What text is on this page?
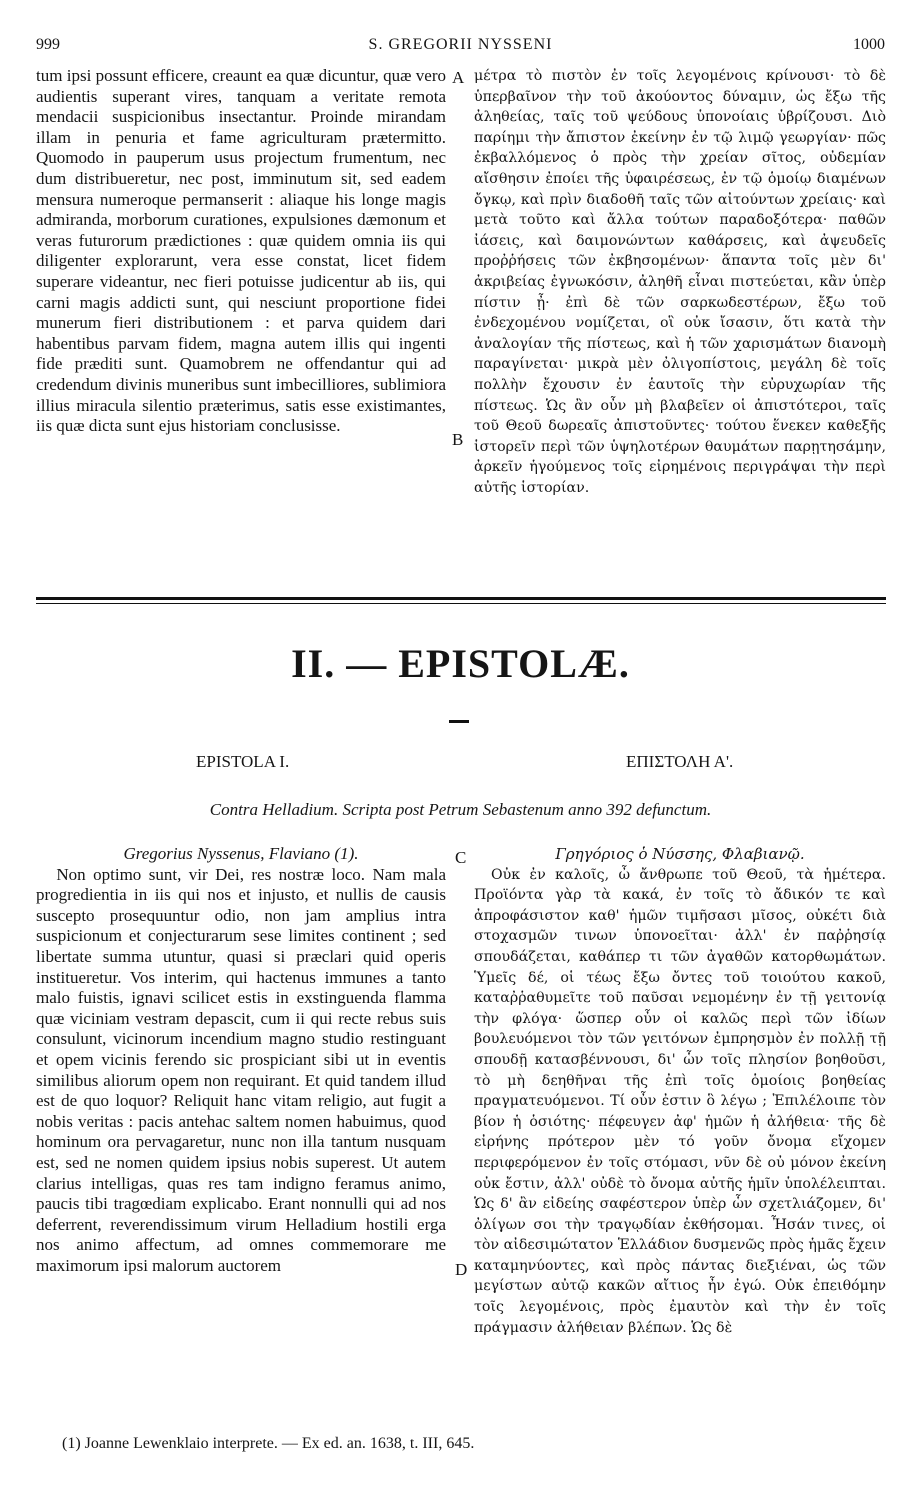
999	S. GREGORII NYSSENI	1000

tum ipsi possunt efficere, creaunt ea quæ dicuntur, quæ vero audientis superant vires, tanquam a veritate remota mendacii suspicionibus insectantur. Proinde mirandam illam in penuria et fame agriculturam prætermitto. Quomodo in pauperum usus projectum frumentum, nec dum distribueretur, nec post, imminutum sit, sed eadem mensura numeroque permanserit : aliaque his longe magis admiranda, morborum curationes, expulsiones dæmonum et veras futurorum prædictiones : quæ quidem omnia iis qui diligenter explorarunt, vera esse constat, licet fidem superare videantur, nec fieri potuisse judicentur ab iis, qui carni magis addicti sunt, qui nesciunt proportione fidei munerum fieri distributionem : et parva quidem dari habentibus parvam fidem, magna autem illis qui ingenti fide præditi sunt. Quamobrem ne offendantur qui ad credendum divinis muneribus sunt imbecilliores, sublimiora illius miracula silentio præterimus, satis esse existimantes, iis quæ dicta sunt ejus historiam conclusisse.

A
B

μέτρα τὸ πιστὸν ἐν τοῖς λεγομένοις κρίνουσι· τὸ δὲ ὑπερβαῖνον τὴν τοῦ ἀκούοντος δύναμιν, ὡς ἔξω τῆς ἀληθείας, ταῖς τοῦ ψεύδους ὑπονοίαις ὑβρίζουσι. Διὸ παρίημι τὴν ἄπιστον ἐκείνην ἐν τῷ λιμῷ γεωργίαν· πῶς ἐκβαλλόμενος ὁ πρὸς τὴν χρείαν σῖτος, οὐδεμίαν αἴσθησιν ἐποίει τῆς ὑφαιρέσεως, ἐν τῷ ὁμοίῳ διαμένων ὄγκῳ, καὶ πρὶν διαδοθῆ ταῖς τῶν αἰτούντων χρείαις· καὶ μετὰ τοῦτο καὶ ἄλλα τούτων παραδοξότερα· παθῶν ἰάσεις, καὶ δαιμονώντων καθάρσεις, καὶ ἀψευδεῖς προῤῥήσεις τῶν ἐκβησομένων· ἅπαντα τοῖς μὲν δι' ἀκριβείας ἐγνωκόσιν, ἀληθῆ εἶναι πιστεύεται, κἂν ὑπὲρ πίστιν ᾖ· ἐπὶ δὲ τῶν σαρκωδεστέρων, ἔξω τοῦ ἐνδεχομένου νομίζεται, οἳ οὐκ ἴσασιν, ὅτι κατὰ τὴν ἀναλογίαν τῆς πίστεως, καὶ ἡ τῶν χαρισμάτων διανομὴ παραγίνεται· μικρὰ μὲν ὀλιγοπίστοις, μεγάλη δὲ τοῖς πολλὴν ἔχουσιν ἐν ἑαυτοῖς τὴν εὐρυχωρίαν τῆς πίστεως. Ὡς ἂν οὖν μὴ βλαβεῖεν οἱ ἀπιστότεροι, ταῖς τοῦ Θεοῦ δωρεαῖς ἀπιστοῦντες· τούτου ἕνεκεν καθεξῆς ἱστορεῖν περὶ τῶν ὑψηλοτέρων θαυμάτων παρῃτησάμην, ἀρκεῖν ἡγούμενος τοῖς εἰρημένοις περιγράψαι τὴν περὶ αὐτῆς ἱστορίαν.

II. — EPISTOLÆ.
EPISTOLA I.	ΕΠΙΣΤΟΛΗ Α'.
Contra Helladium. Scripta post Petrum Sebastenum anno 392 defunctum.
C
D

Gregorius Nyssenus, Flaviano (1).

Non optimo sunt, vir Dei, res nostræ loco. Nam mala progredientia in iis qui nos et injusto, et nullis de causis suscepto prosequuntur odio, non jam amplius intra suspicionum et conjecturarum sese limites continent ; sed libertate summa utuntur, quasi si præclari quid operis institueretur. Vos interim, qui hactenus immunes a tanto malo fuistis, ignavi scilicet estis in exstinguenda flamma quæ viciniam vestram depascit, cum ii qui recte rebus suis consulunt, vicinorum incendium magno studio restinguant et opem vicinis ferendo sic prospiciant sibi ut in eventis similibus aliorum opem non requirant. Et quid tandem illud est de quo loquor? Reliquit hanc vitam religio, aut fugit a nobis veritas : pacis antehac saltem nomen habuimus, quod hominum ora pervagaretur, nunc non illa tantum nusquam est, sed ne nomen quidem ipsius nobis superest. Ut autem clarius intelligas, quas res tam indigno feramus animo, paucis tibi tragœdiam explicabo. Erant nonnulli qui ad nos deferrent, reverendissimum virum Helladium hostili erga nos animo affectum, ad omnes commemorare me maximorum ipsi malorum auctorem

Γρηγόριος ὁ Νύσσης, Φλαβιανῷ.

Οὐκ ἐν καλοῖς, ὦ ἄνθρωπε τοῦ Θεοῦ, τὰ ἡμέτερα. Προϊόντα γὰρ τὰ κακά, ἐν τοῖς τὸ ἄδικόν τε καὶ ἀπροφάσιστον καθ' ἡμῶν τιμῆσασι μῖσος, οὐκέτι διὰ στοχασμῶν τινων ὑπονοεῖται· ἀλλ' ἐν παῤῥησίᾳ σπουδάζεται, καθάπερ τι τῶν ἀγαθῶν κατορθωμάτων. Ὑμεῖς δέ, οἱ τέως ἔξω ὄντες τοῦ τοιούτου κακοῦ, καταῤῥαθυμεῖτε τοῦ παῦσαι νεμομένην ἐν τῇ γειτονίᾳ τὴν φλόγα· ὥσπερ οὖν οἱ καλῶς περὶ τῶν ἰδίων βουλευόμενοι τὸν τῶν γειτόνων ἐμπρησμὸν ἐν πολλῇ τῇ σπουδῇ κατασβέννουσι, δι' ὧν τοῖς πλησίον βοηθοῦσι, τὸ μὴ δεηθῆναι τῆς ἐπὶ τοῖς ὁμοίοις βοηθείας πραγματευόμενοι. Τί οὖν ἐστιν ὃ λέγω ; Ἐπιλέλοιπε τὸν βίον ἡ ὁσιότης· πέφευγεν ἀφ' ἡμῶν ἡ ἀλήθεια· τῆς δὲ εἰρήνης πρότερον μὲν τό γοῦν ὄνομα εἴχομεν περιφερόμενον ἐν τοῖς στόμασι, νῦν δὲ οὐ μόνον ἐκείνη οὐκ ἔστιν, ἀλλ' οὐδὲ τὸ ὄνομα αὐτῆς ἡμῖν ὑπολέλειπται. Ὡς δ' ἂν εἰδείης σαφέστερον ὑπὲρ ὧν σχετλιάζομεν, δι' ὀλίγων σοι τὴν τραγῳδίαν ἐκθήσομαι. Ἦσάν τινες, οἱ τὸν αἰδεσιμώτατον Ἑλλάδιον δυσμενῶς πρὸς ἡμᾶς ἔχειν καταμηνύοντες, καὶ πρὸς πάντας διεξιέναι, ὡς τῶν μεγίστων αὐτῷ κακῶν αἴτιος ἦν ἐγώ. Οὐκ ἐπειθόμην τοῖς λεγομένοις, πρὸς ἐμαυτὸν καὶ τὴν ἐν τοῖς πράγμασιν ἀλήθειαν βλέπων. Ὡς δὲ

(1) Joanne Lewenklaio interprete. — Ex ed. an. 1638, t. III, 645.
